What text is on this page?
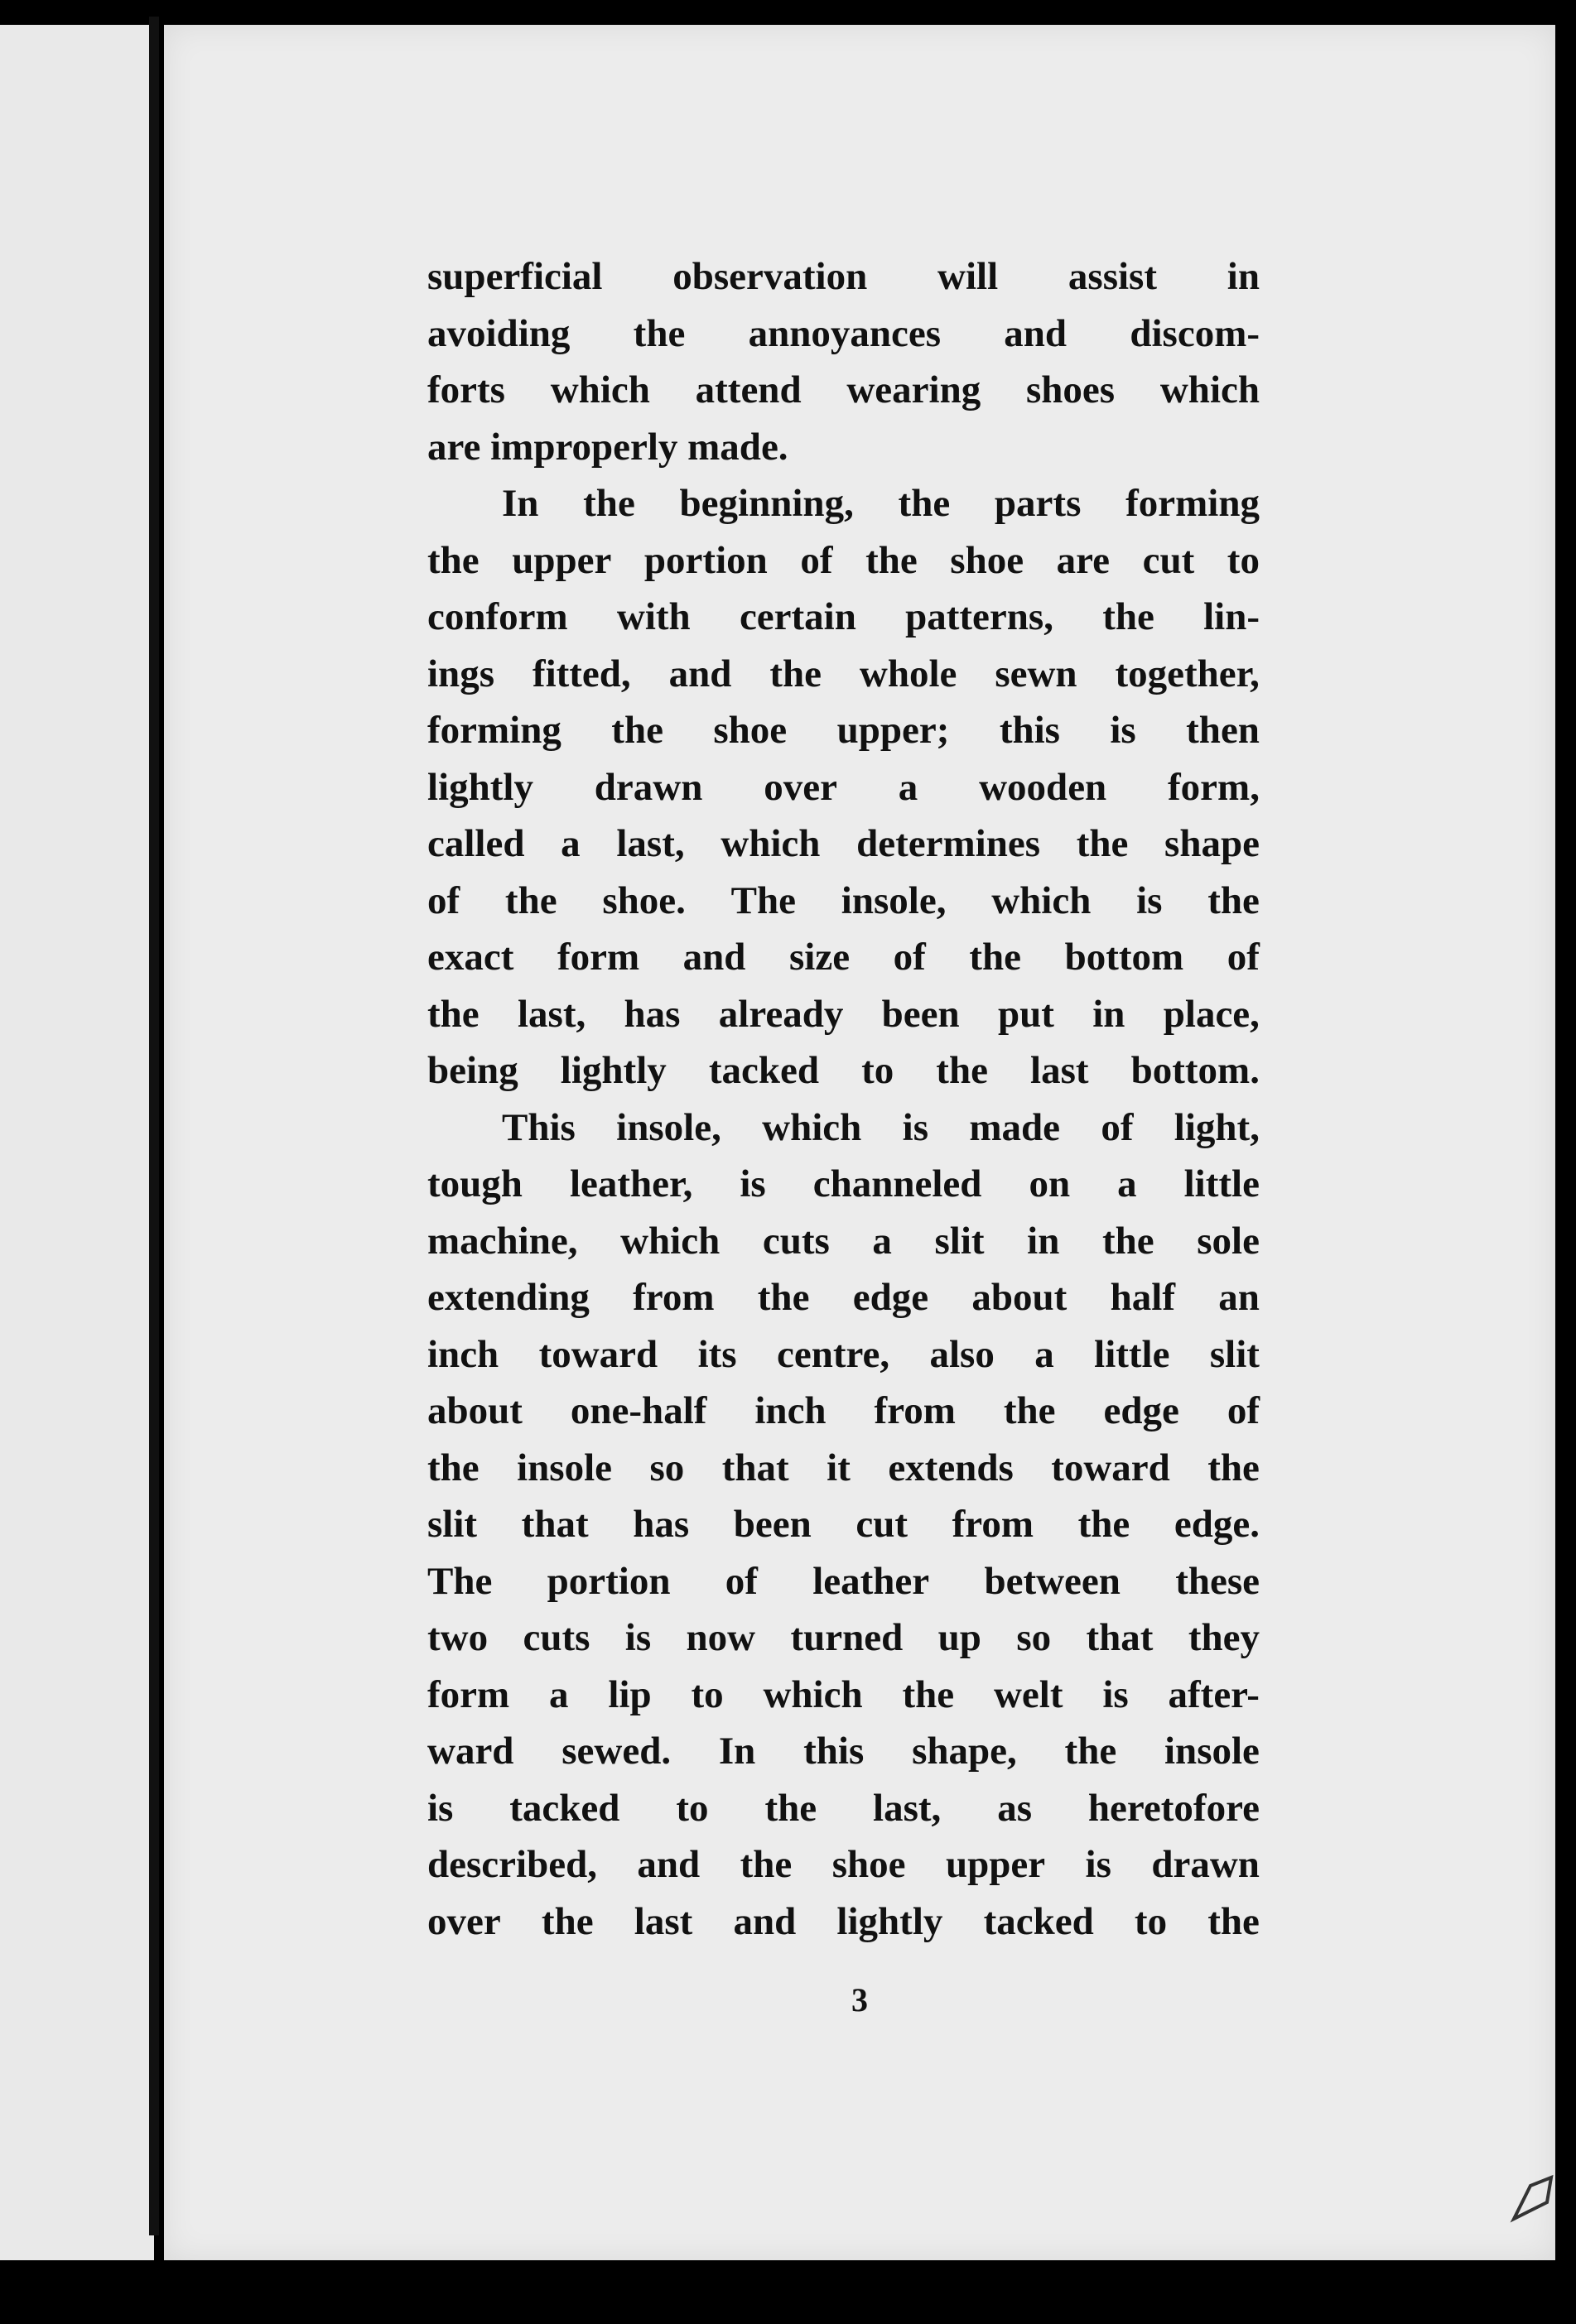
superficial observation will assist in
avoiding the annoyances and discom-
forts which attend wearing shoes which
are improperly made.
In the beginning, the parts forming
the upper portion of the shoe are cut to
conform with certain patterns, the lin-
ings fitted, and the whole sewn together,
forming the shoe upper; this is then
lightly drawn over a wooden form,
called a last, which determines the shape
of the shoe. The insole, which is the
exact form and size of the bottom of
the last, has already been put in place,
being lightly tacked to the last bottom.
This insole, which is made of light,
tough leather, is channeled on a little
machine, which cuts a slit in the sole
extending from the edge about half an
inch toward its centre, also a little slit
about one-half inch from the edge of
the insole so that it extends toward the
slit that has been cut from the edge.
The portion of leather between these
two cuts is now turned up so that they
form a lip to which the welt is after-
ward sewed. In this shape, the insole
is tacked to the last, as heretofore
described, and the shoe upper is drawn
over the last and lightly tacked to the
3
